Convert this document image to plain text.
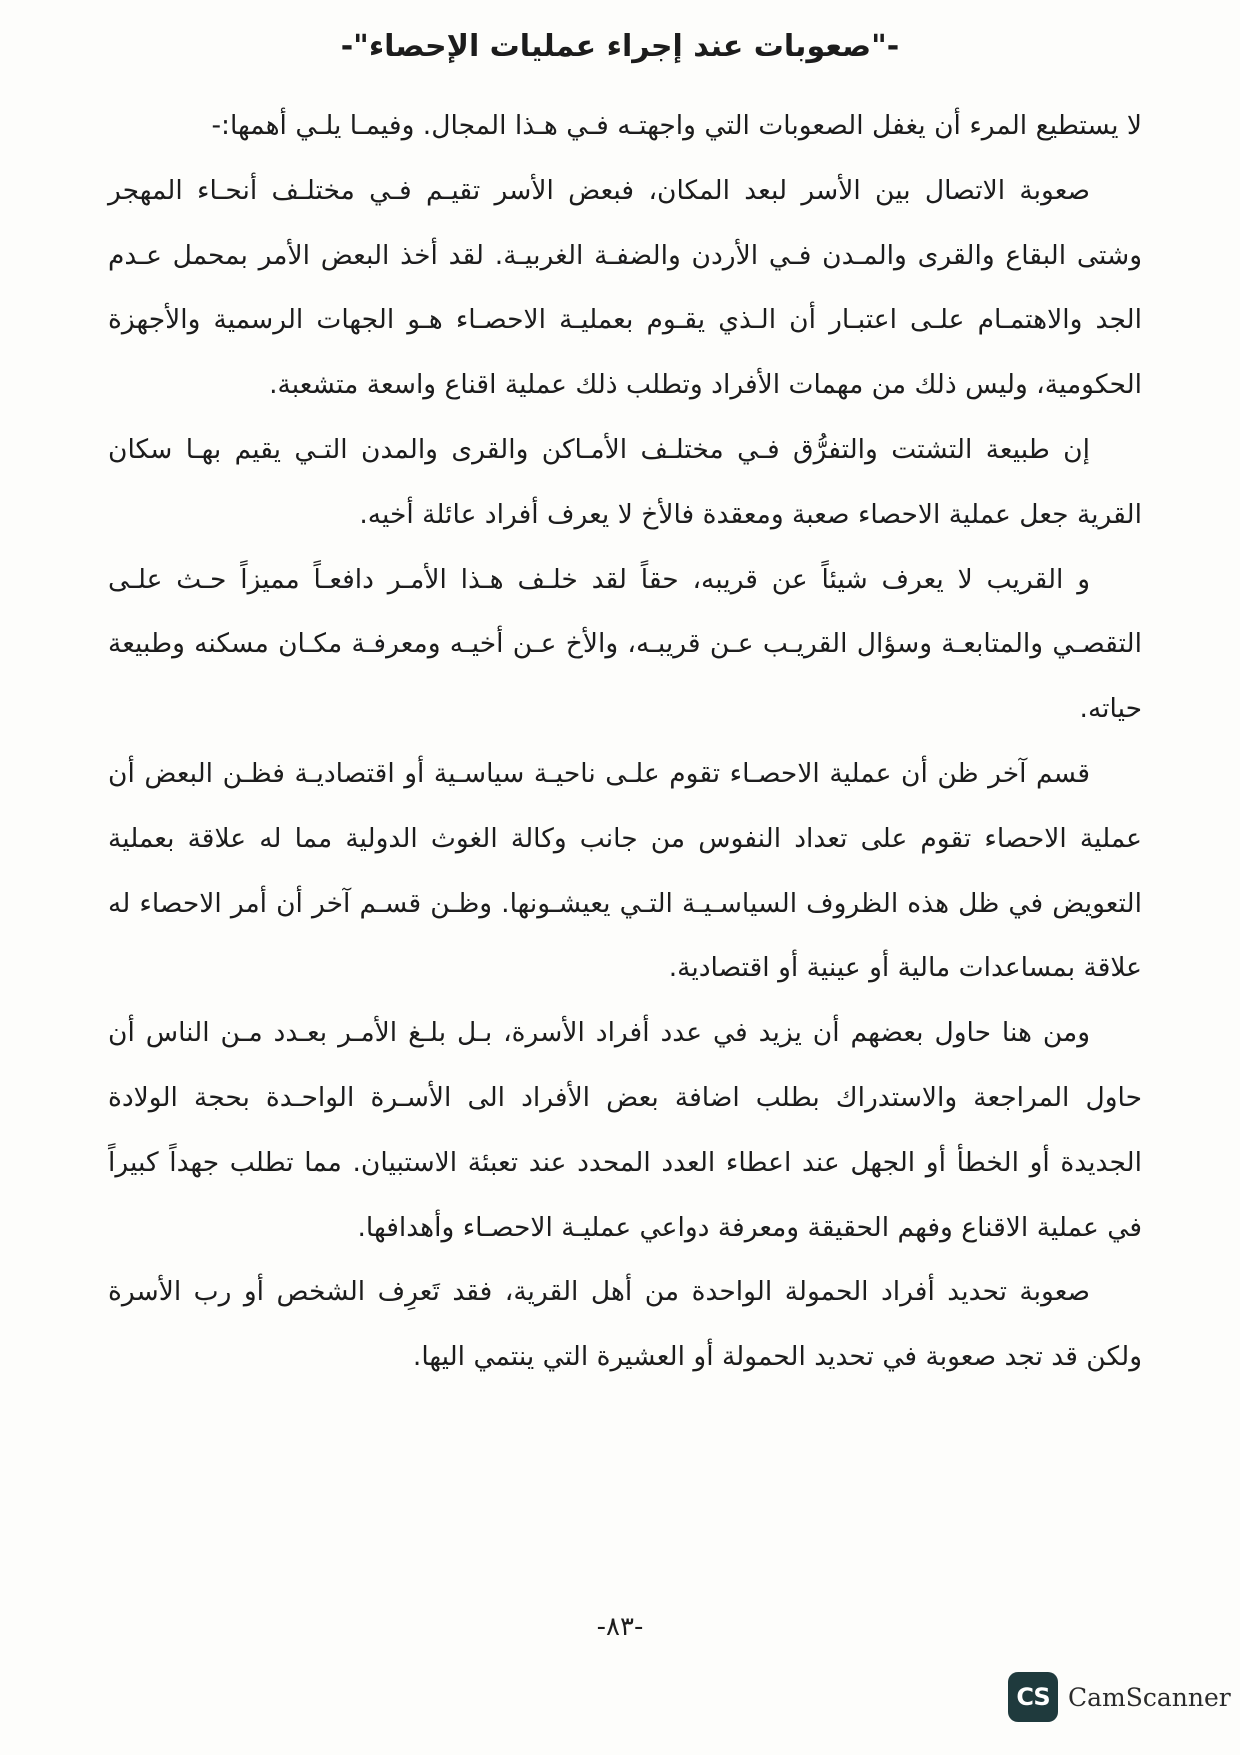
-"صعوبات عند إجراء عمليات الإحصاء"-

لا يستطيع المرء أن يغفل الصعوبات التي واجهتـه فـي هـذا المجال. وفيمـا يلـي أهمها:-

صعوبة الاتصال بين الأسر لبعد المكان، فبعض الأسر تقيـم فـي مختلـف أنحـاء المهجر وشتى البقاع والقرى والمـدن فـي الأردن والضفـة الغربيـة. لقد أخذ البعض الأمر بمحمل عـدم الجد والاهتمـام علـى اعتبـار أن الـذي يقـوم بعمليـة الاحصـاء هـو الجهات الرسمية والأجهزة الحكومية، وليس ذلك من مهمات الأفراد وتطلب ذلك عملية اقناع واسعة متشعبة.

إن طبيعة التشتت والتفرُّق فـي مختلـف الأمـاكن والقرى والمدن التـي يقيم بهـا سكان القرية جعل عملية الاحصاء صعبة ومعقدة فالأخ لا يعرف أفراد عائلة أخيه.

و القريب لا يعرف شيئاً عن قريبه، حقاً لقد خلـف هـذا الأمـر دافعـاً مميزاً حـث علـى التقصـي والمتابعـة وسؤال القريـب عـن قريبـه، والأخ عـن أخيـه ومعرفـة مكـان مسكنه وطبيعة حياته.

قسم آخر ظن أن عملية الاحصـاء تقوم علـى ناحيـة سياسـية أو اقتصاديـة فظـن البعض أن عملية الاحصاء تقوم على تعداد النفوس من جانب وكالة الغوث الدولية مما له علاقة بعملية التعويض في ظل هذه الظروف السياسـيـة التـي يعيشـونها. وظـن قسـم آخر أن أمر الاحصاء له علاقة بمساعدات مالية أو عينية أو اقتصادية.

ومن هنا حاول بعضهم أن يزيد في عدد أفراد الأسرة، بـل بلـغ الأمـر بعـدد مـن الناس أن حاول المراجعة والاستدراك بطلب اضافة بعض الأفراد الى الأسـرة الواحـدة بحجة الولادة الجديدة أو الخطأ أو الجهل عند اعطاء العدد المحدد عند تعبئة الاستبيان. مما تطلب جهداً كبيراً في عملية الاقناع وفهم الحقيقة ومعرفة دواعي عمليـة الاحصـاء وأهدافها.

صعوبة تحديد أفراد الحمولة الواحدة من أهل القرية، فقد تَعرِف الشخص أو رب الأسرة ولكن قد تجد صعوبة في تحديد الحمولة أو العشيرة التي ينتمي اليها.

-٨٣-
CS CamScanner
